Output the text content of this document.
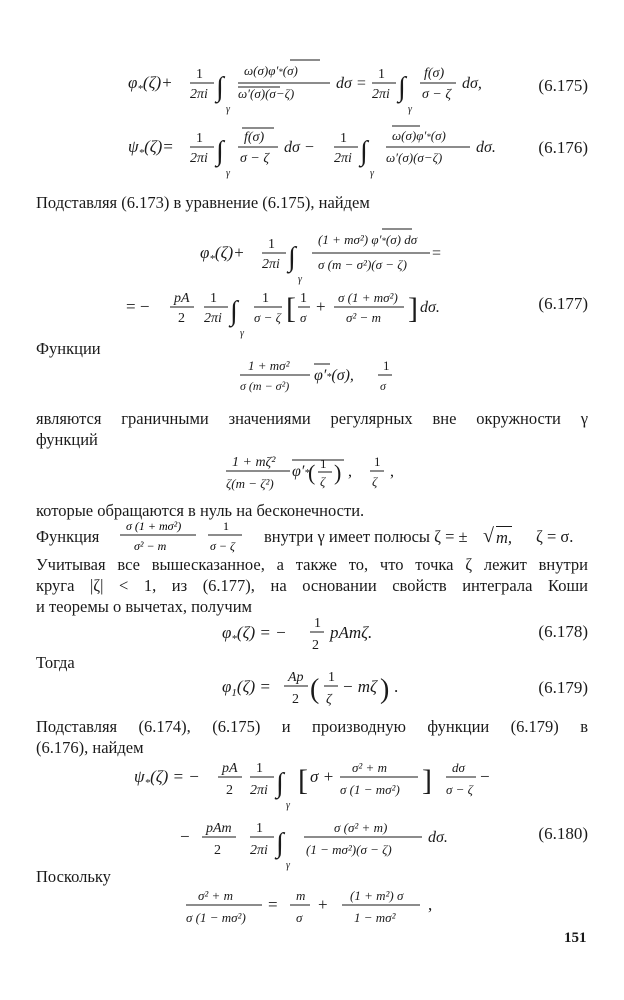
$\varphi_*(\zeta)+ 1$
2πi ∫
γ
ω(σ)φ′*(σ)
ω′(σ)(σ−ζ)
dσ =
1
2πi ∫
γ
f(σ)
σ − ζ
dσ,	(6.175)
$\psi_*(\zeta)= 1$
2πi ∫
γ
f(σ)
σ − ζ
dσ −
1
2πi ∫
γ
ω(σ)φ′*(σ)
ω′(σ)(σ−ζ)
dσ.	(6.176)
Подставляя (6.173) в уравнение (6.175), найдем
$\varphi_*(\zeta)+ 1$
2πi ∫
γ
(1 + mσ²) φ′*(σ) dσ
σ (m − σ²)(σ − ζ)
=
= − pA
2
1
2πi ∫
γ
1
σ − ζ [ 1
σ
+ σ (1 + mσ²)
σ² − m ] dσ.	(6.177)
Функции
1 + mσ²
σ (m − σ²)
φ′*(σ),
1
σ
являются граничными значениями регулярных вне окружности γ
функций
1 + mζ²
ζ(m − ζ²)
φ′*
( 1
ζ ) ,
1
ζ
,
которые обращаются в нуль на бесконечности.
Функция
σ (1 + mσ²)
σ² − m
1
σ − ζ внутри γ имеет полюсы ζ = ± √ m, ζ = σ.
Учитывая все вышесказанное, а также то, что точка ζ лежит внутри
круга |ζ| < 1, из (6.177), на основании свойств интеграла Коши
и теоремы о вычетах, получим
$\varphi_*(\zeta)$ = − 1
2
pAmζ.	(6.178)
Тогда
$\varphi_1(\zeta) = Ap$
2 ( 1
ζ
− mζ ) .	(6.179)
Подставляя (6.174), (6.175) и производную функции (6.179) в
(6.176), найдем
$\psi_*(\zeta)$ = − pA
2
1
2πi ∫
γ
[ σ + σ² + m
σ (1 − mσ²) ] dσ
σ − ζ
−
− pAm
2
1
2πi ∫
γ
σ (σ² + m)
(1 − mσ²)(σ − ζ)
dσ.	(6.180)
Поскольку
σ² + m
σ (1 − mσ²)
= m
σ
+ (1 + m²) σ
1 − mσ²
,
151
